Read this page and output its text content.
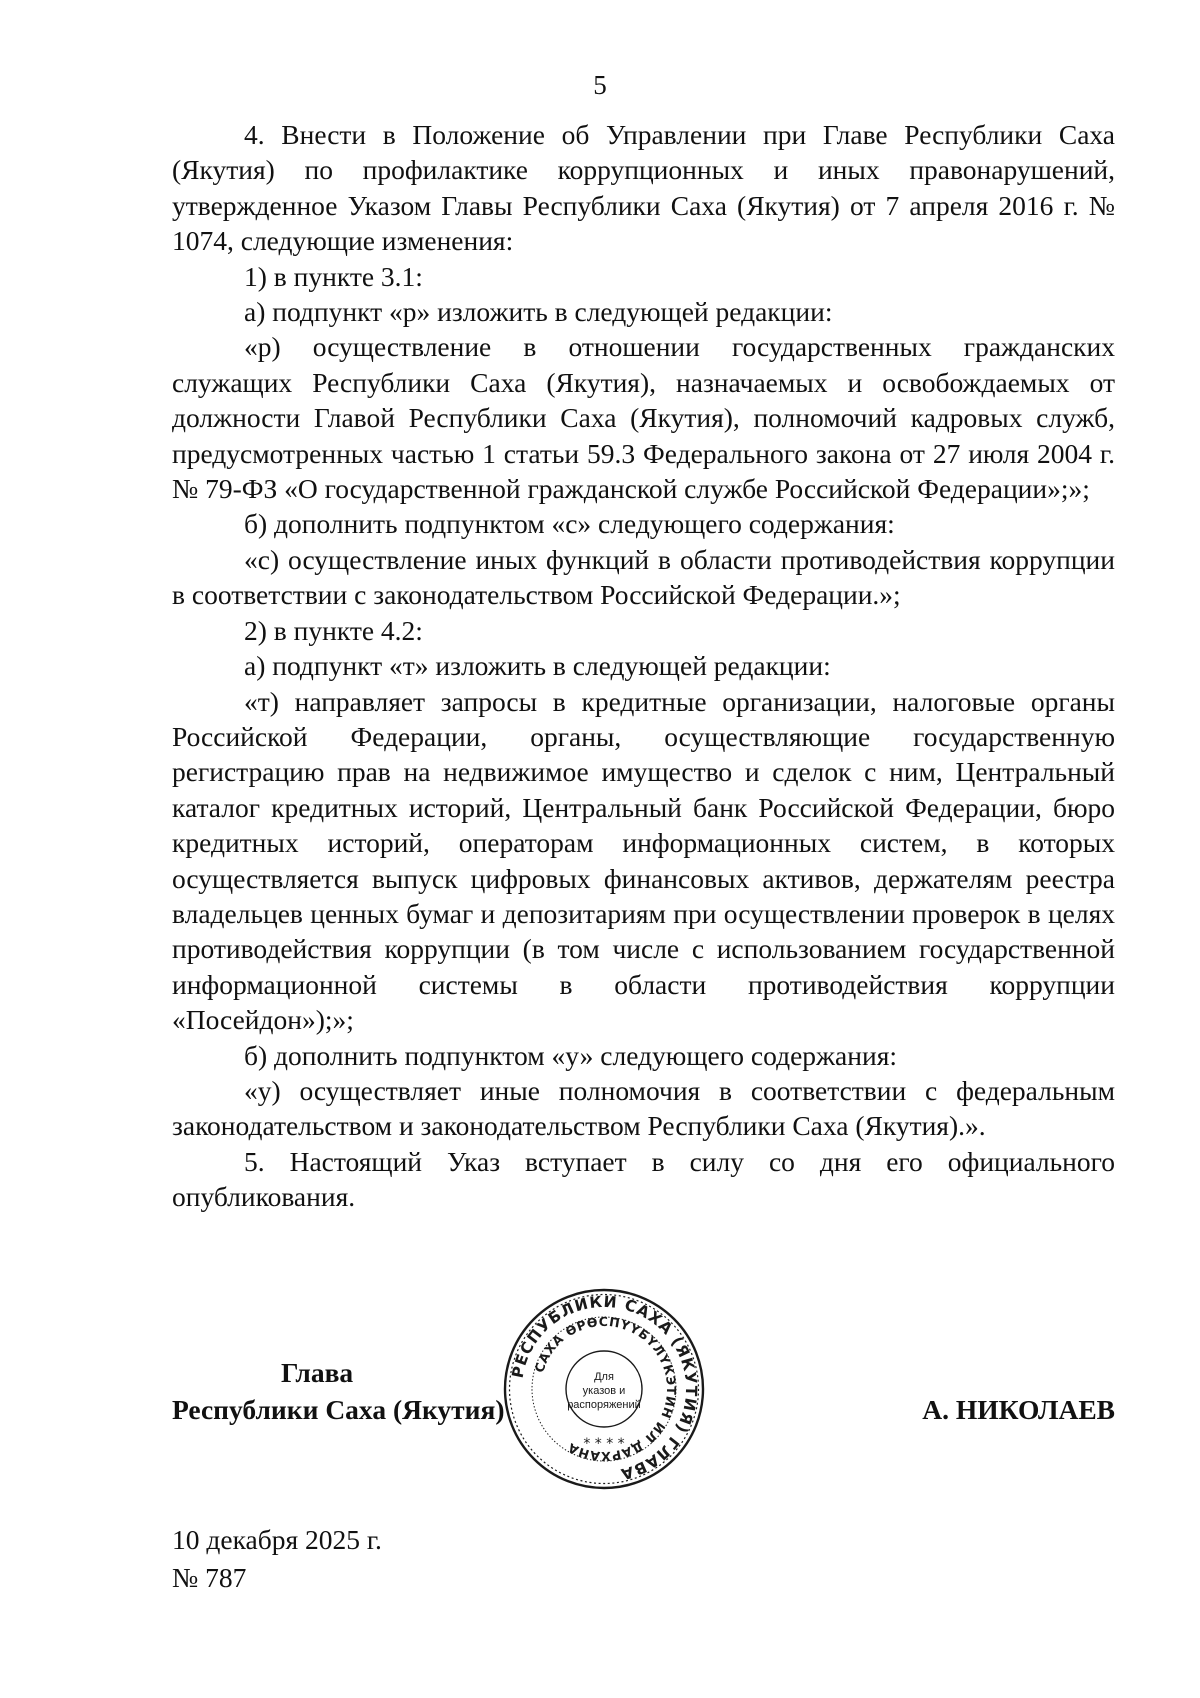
5

4. Внести в Положение об Управлении при Главе Республики Саха (Якутия) по профилактике коррупционных и иных правонарушений, утвержденное Указом Главы Республики Саха (Якутия) от 7 апреля 2016 г. № 1074, следующие изменения:

1) в пункте 3.1:

а) подпункт «р» изложить в следующей редакции:

«р) осуществление в отношении государственных гражданских служащих Республики Саха (Якутия), назначаемых и освобождаемых от должности Главой Республики Саха (Якутия), полномочий кадровых служб, предусмотренных частью 1 статьи 59.3 Федерального закона от 27 июля 2004 г. № 79-ФЗ «О государственной гражданской службе Российской Федерации»;»;

б) дополнить подпунктом «с» следующего содержания:

«с) осуществление иных функций в области противодействия коррупции в соответствии с законодательством Российской Федерации.»;

2) в пункте 4.2:

а) подпункт «т» изложить в следующей редакции:

«т) направляет запросы в кредитные организации, налоговые органы Российской Федерации, органы, осуществляющие государственную регистрацию прав на недвижимое имущество и сделок с ним, Центральный каталог кредитных историй, Центральный банк Российской Федерации, бюро кредитных историй, операторам информационных систем, в которых осуществляется выпуск цифровых финансовых активов, держателям реестра владельцев ценных бумаг и депозитариям при осуществлении проверок в целях противодействия коррупции (в том числе с использованием государственной информационной системы в области противодействия коррупции «Посейдон»);»;

б) дополнить подпунктом «у» следующего содержания:

«у) осуществляет иные полномочия в соответствии с федеральным законодательством и законодательством Республики Саха (Якутия).».

5. Настоящий Указ вступает в силу со дня его официального опубликования.

РЕСПУБЛИКИ САХА (ЯКУТИЯ) ГЛАВА
САХА ӨРӨСПҮҮБҮЛҮКЭТИН ИЛ ДАРХАНА
Для
указов и
распоряжений
* * * *
Глава
Республики Саха (Якутия)	А. НИКОЛАЕВ
10 декабря 2025 г.
№ 787
